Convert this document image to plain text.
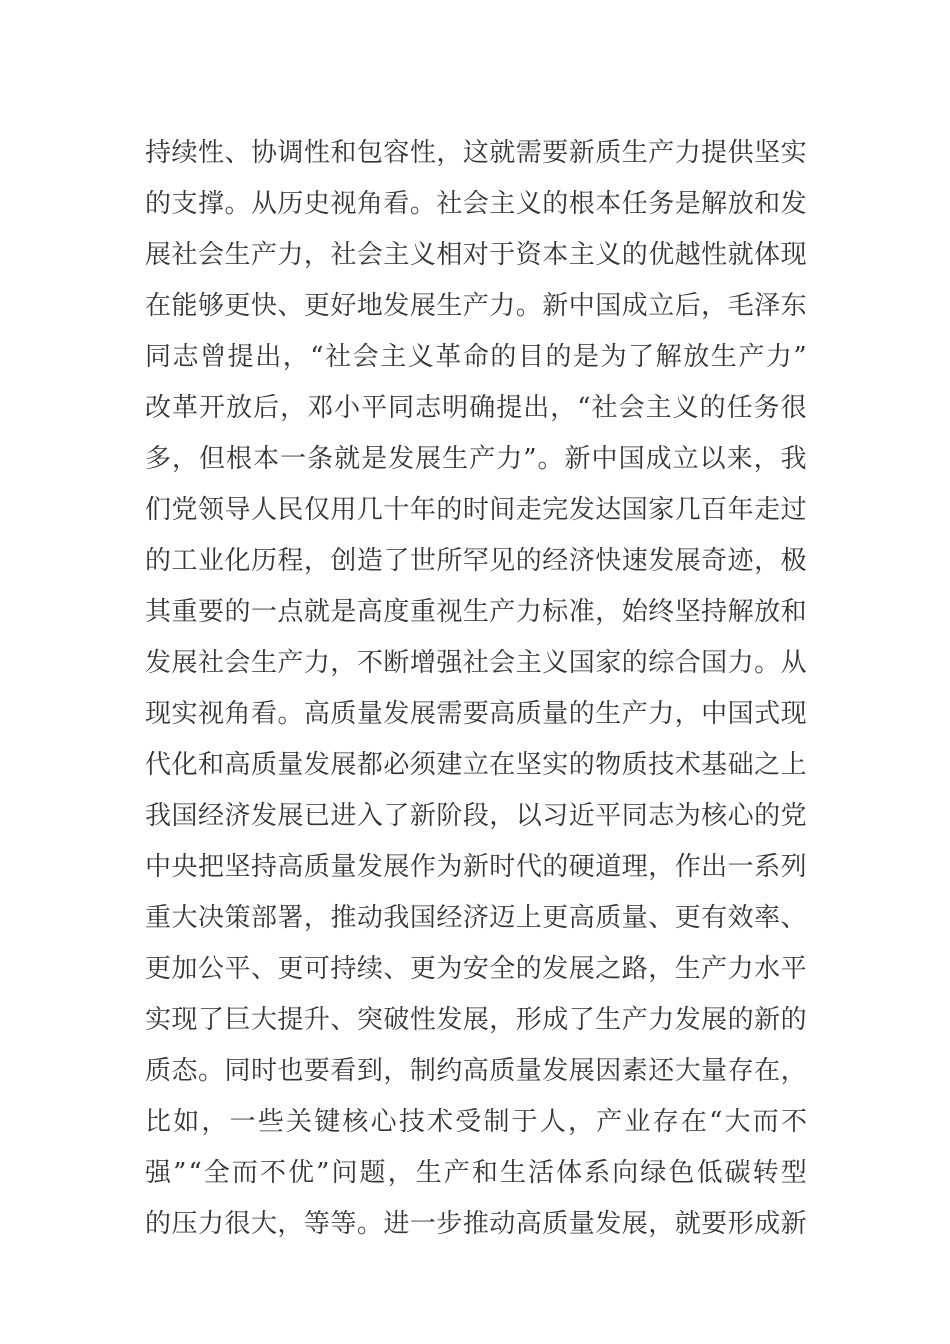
持 续 性 、 协 调 性 和 包 容 性 ， 这 就 需 要 新 质 生 产 力 提 供 坚 实
的 支 撑 。 从 历 史 视 角 看 。 社 会 主 义 的 根 本 任 务 是 解 放 和 发
展 社 会 生 产 力 ， 社 会 主 义 相 对 于 资 本 主 义 的 优 越 性 就 体 现
在 能 够 更 快 、 更 好 地 发 展 生 产 力 。 新 中 国 成 立 后 ， 毛 泽 东
同 志 曾 提 出 ， “ 社 会 主 义 革 命 的 目 的 是 为 了 解 放 生 产 力 ”
改 革 开 放 后 ， 邓 小 平 同 志 明 确 提 出 ， “ 社 会 主 义 的 任 务 很
多 ， 但 根 本 一 条 就 是 发 展 生 产 力 ” 。 新 中 国 成 立 以 来 ， 我
们 党 领 导 人 民 仅 用 几 十 年 的 时 间 走 完 发 达 国 家 几 百 年 走 过
的 工 业 化 历 程 ， 创 造 了 世 所 罕 见 的 经 济 快 速 发 展 奇 迹 ， 极
其 重 要 的 一 点 就 是 高 度 重 视 生 产 力 标 准 ， 始 终 坚 持 解 放 和
发 展 社 会 生 产 力 ， 不 断 增 强 社 会 主 义 国 家 的 综 合 国 力 。 从
现 实 视 角 看 。 高 质 量 发 展 需 要 高 质 量 的 生 产 力 ， 中 国 式 现
代 化 和 高 质 量 发 展 都 必 须 建 立 在 坚 实 的 物 质 技 术 基 础 之 上
我 国 经 济 发 展 已 进 入 了 新 阶 段 ， 以 习 近 平 同 志 为 核 心 的 党
中 央 把 坚 持 高 质 量 发 展 作 为 新 时 代 的 硬 道 理 ， 作 出 一 系 列
重 大 决 策 部 署 ， 推 动 我 国 经 济 迈 上 更 高 质 量 、 更 有 效 率 、
更 加 公 平 、 更 可 持 续 、 更 为 安 全 的 发 展 之 路 ， 生 产 力 水 平
实 现 了 巨 大 提 升 、 突 破 性 发 展 ， 形 成 了 生 产 力 发 展 的 新 的
质 态 。 同 时 也 要 看 到 ， 制 约 高 质 量 发 展 因 素 还 大 量 存 在 ，
比 如 ， 一 些 关 键 核 心 技 术 受 制 于 人 ， 产 业 存 在 “ 大 而 不
强 ” “ 全 而 不 优 ” 问 题 ， 生 产 和 生 活 体 系 向 绿 色 低 碳 转 型
的 压 力 很 大 ， 等 等 。 进 一 步 推 动 高 质 量 发 展 ， 就 要 形 成 新
